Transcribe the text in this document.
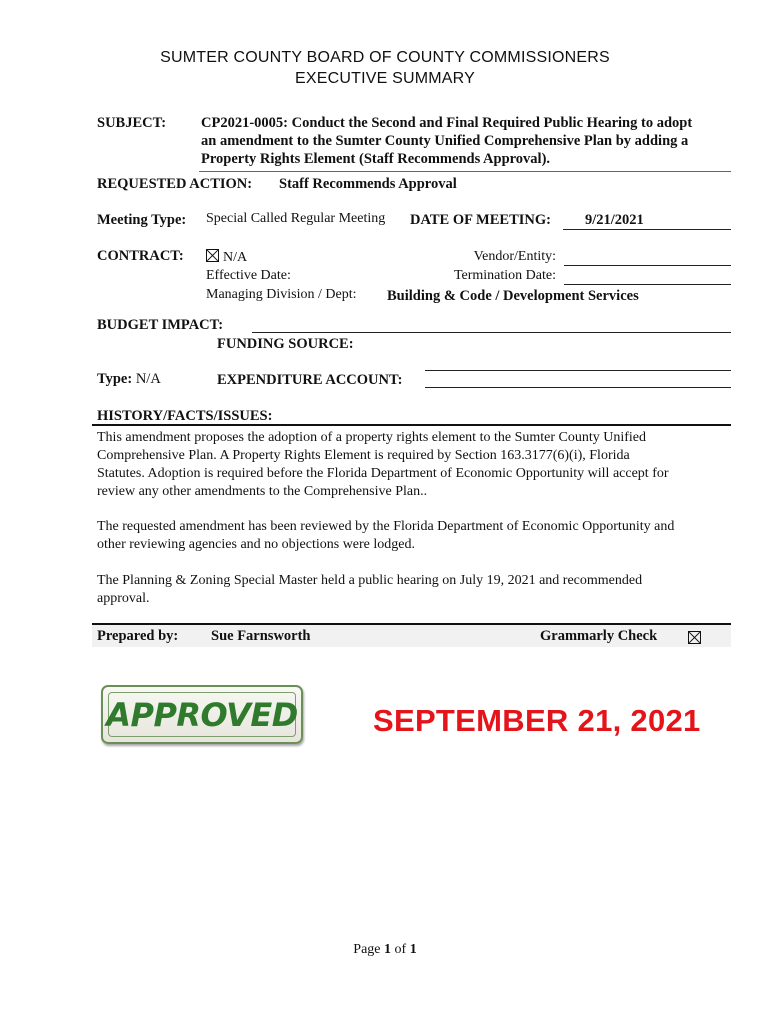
SUMTER COUNTY BOARD OF COUNTY COMMISSIONERS
EXECUTIVE SUMMARY
SUBJECT: CP2021-0005: Conduct the Second and Final Required Public Hearing to adopt
an amendment to the Sumter County Unified Comprehensive Plan by adding a
Property Rights Element (Staff Recommends Approval).
REQUESTED ACTION: Staff Recommends Approval
Meeting Type: Special Called Regular Meeting DATE OF MEETING:	9/21/2021
CONTRACT:	N/A	Vendor/Entity:
Effective Date:	Termination Date:
Managing Division / Dept: Building & Code / Development Services
BUDGET IMPACT:
FUNDING SOURCE:
Type: N/A	EXPENDITURE ACCOUNT:
HISTORY/FACTS/ISSUES:
This amendment proposes the adoption of a property rights element to the Sumter County Unified
Comprehensive Plan. A Property Rights Element is required by Section 163.3177(6)(i), Florida
Statutes. Adoption is required before the Florida Department of Economic Opportunity will accept for
review any other amendments to the Comprehensive Plan..
The requested amendment has been reviewed by the Florida Department of Economic Opportunity and
other reviewing agencies and no objections were lodged.
The Planning & Zoning Special Master held a public hearing on July 19, 2021 and recommended
approval.
Prepared by: Sue Farnsworth	Grammarly Check
APPROVED SEPTEMBER 21, 2021
Page 1 of 1
